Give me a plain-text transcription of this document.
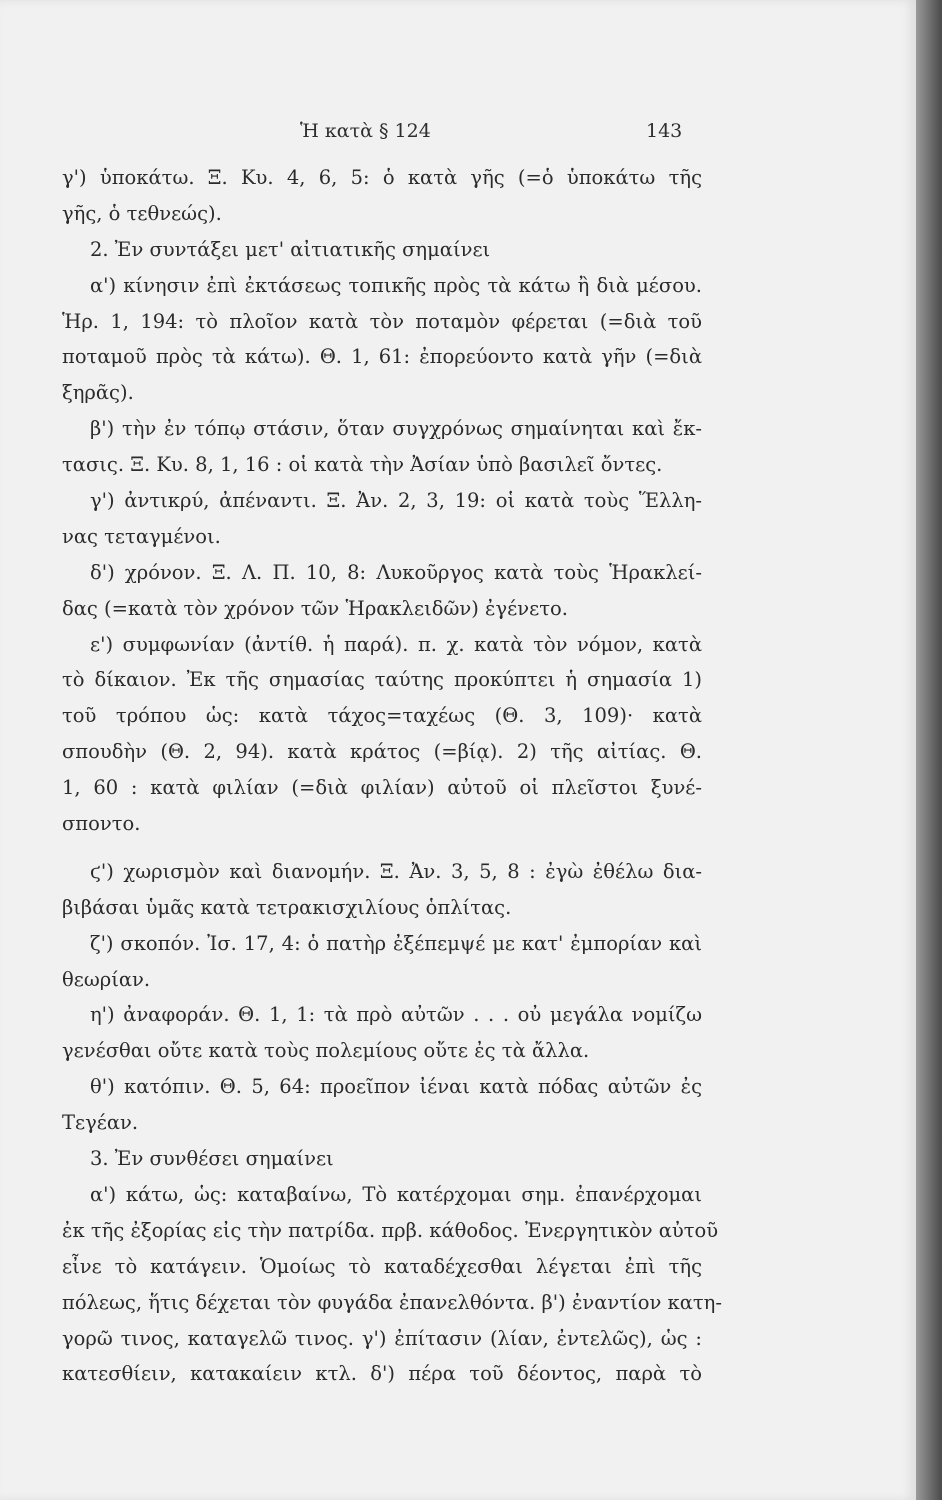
Ἡ κατὰ § 124	143
γ') ὑποκάτω. Ξ. Κυ. 4, 6, 5: ὁ κατὰ γῆς (=ὁ ὑποκάτω τῆς
γῆς, ὁ τεθνεώς).
2. Ἐν συντάξει μετ' αἰτιατικῆς σημαίνει
α') κίνησιν ἐπὶ ἐκτάσεως τοπικῆς πρὸς τὰ κάτω ἢ διὰ μέσου.
Ἡρ. 1, 194: τὸ πλοῖον κατὰ τὸν ποταμὸν φέρεται (=διὰ τοῦ
ποταμοῦ πρὸς τὰ κάτω). Θ. 1, 61: ἐπορεύοντο κατὰ γῆν (=διὰ
ξηρᾶς).
β') τὴν ἐν τόπῳ στάσιν, ὅταν συγχρόνως σημαίνηται καὶ ἔκ-
τασις. Ξ. Κυ. 8, 1, 16 : οἱ κατὰ τὴν Ἀσίαν ὑπὸ βασιλεῖ ὄντες.
γ') ἀντικρύ, ἀπέναντι. Ξ. Ἀν. 2, 3, 19: οἱ κατὰ τοὺς Ἕλλη-
νας τεταγμένοι.
δ') χρόνον. Ξ. Λ. Π. 10, 8: Λυκοῦργος κατὰ τοὺς Ἡρακλεί-
δας (=κατὰ τὸν χρόνον τῶν Ἡρακλειδῶν) ἐγένετο.
ε') συμφωνίαν (ἀντίθ. ἡ παρά). π. χ. κατὰ τὸν νόμον, κατὰ
τὸ δίκαιον. Ἐκ τῆς σημασίας ταύτης προκύπτει ἡ σημασία 1)
τοῦ τρόπου ὡς: κατὰ τάχος=ταχέως (Θ. 3, 109)· κατὰ
σπουδὴν (Θ. 2, 94). κατὰ κράτος (=βίᾳ). 2) τῆς αἰτίας. Θ.
1, 60 : κατὰ φιλίαν (=διὰ φιλίαν) αὐτοῦ οἱ πλεῖστοι ξυνέ-
σποντο.
ϛ') χωρισμὸν καὶ διανομήν. Ξ. Ἀν. 3, 5, 8 : ἐγὼ ἐθέλω δια-
βιβάσαι ὑμᾶς κατὰ τετρακισχιλίους ὁπλίτας.
ζ') σκοπόν. Ἰσ. 17, 4: ὁ πατὴρ ἐξέπεμψέ με κατ' ἐμπορίαν καὶ
θεωρίαν.
η') ἀναφοράν. Θ. 1, 1: τὰ πρὸ αὐτῶν . . . οὐ μεγάλα νομίζω
γενέσθαι οὔτε κατὰ τοὺς πολεμίους οὔτε ἐς τὰ ἄλλα.
θ') κατόπιν. Θ. 5, 64: προεῖπον ἰέναι κατὰ πόδας αὐτῶν ἐς
Τεγέαν.
3. Ἐν συνθέσει σημαίνει
α') κάτω, ὡς: καταβαίνω, Τὸ κατέρχομαι σημ. ἐπανέρχομαι
ἐκ τῆς ἐξορίας εἰς τὴν πατρίδα. πρβ. κάθοδος. Ἐνεργητικὸν αὐτοῦ
εἶνε τὸ κατάγειν. Ὁμοίως τὸ καταδέχεσθαι λέγεται ἐπὶ τῆς
πόλεως, ἥτις δέχεται τὸν φυγάδα ἐπανελθόντα. β') ἐναντίον κατη-
γορῶ τινος, καταγελῶ τινος. γ') ἐπίτασιν (λίαν, ἐντελῶς), ὡς :
κατεσθίειν, κατακαίειν κτλ. δ') πέρα τοῦ δέοντος, παρὰ τὸ
